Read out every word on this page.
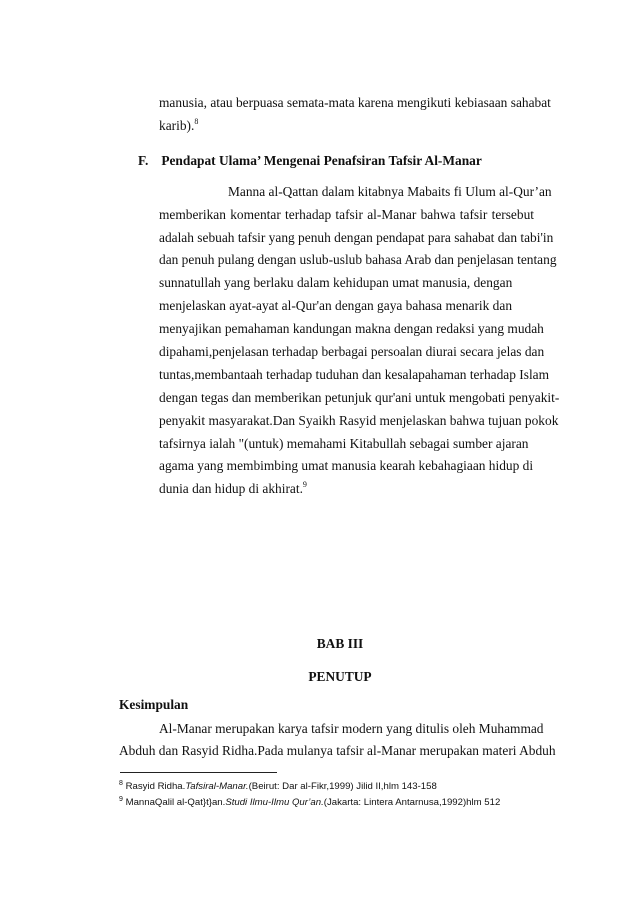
manusia, atau berpuasa semata-mata karena mengikuti kebiasaan sahabat
karib).$^8$
F. Pendapat Ulama’ Mengenai Penafsiran Tafsir Al-Manar
Manna al-Qattan dalam kitabnya Mabaits fi Ulum al-Qur’an
memberikan komentar terhadap tafsir al-Manar bahwa tafsir tersebut
adalah sebuah tafsir yang penuh dengan pendapat para sahabat dan tabi'in
dan penuh pulang dengan uslub-uslub bahasa Arab dan penjelasan tentang
sunnatullah yang berlaku dalam kehidupan umat manusia, dengan
menjelaskan ayat-ayat al-Qur'an dengan gaya bahasa menarik dan
menyajikan pemahaman kandungan makna dengan redaksi yang mudah
dipahami,penjelasan terhadap berbagai persoalan diurai secara jelas dan
tuntas,membantaah terhadap tuduhan dan kesalapahaman terhadap Islam
dengan tegas dan memberikan petunjuk qur'ani untuk mengobati penyakit-
penyakit masyarakat.Dan Syaikh Rasyid menjelaskan bahwa tujuan pokok
tafsirnya ialah "(untuk) memahami Kitabullah sebagai sumber ajaran
agama yang membimbing umat manusia kearah kebahagiaan hidup di
dunia dan hidup di akhirat.$^9$
BAB III
PENUTUP
Kesimpulan
Al-Manar merupakan karya tafsir modern yang ditulis oleh Muhammad
Abduh dan Rasyid Ridha.Pada mulanya tafsir al-Manar merupakan materi Abduh
$^8$ Rasyid Ridha.Tafsiral-Manar.(Beirut: Dar al-Fikr,1999) Jilid II,hlm 143-158
$^9$ MannaQalil al-Qat}t}an.Studi Ilmu-Ilmu Qur’an.(Jakarta: Lintera Antarnusa,1992)hlm 512
